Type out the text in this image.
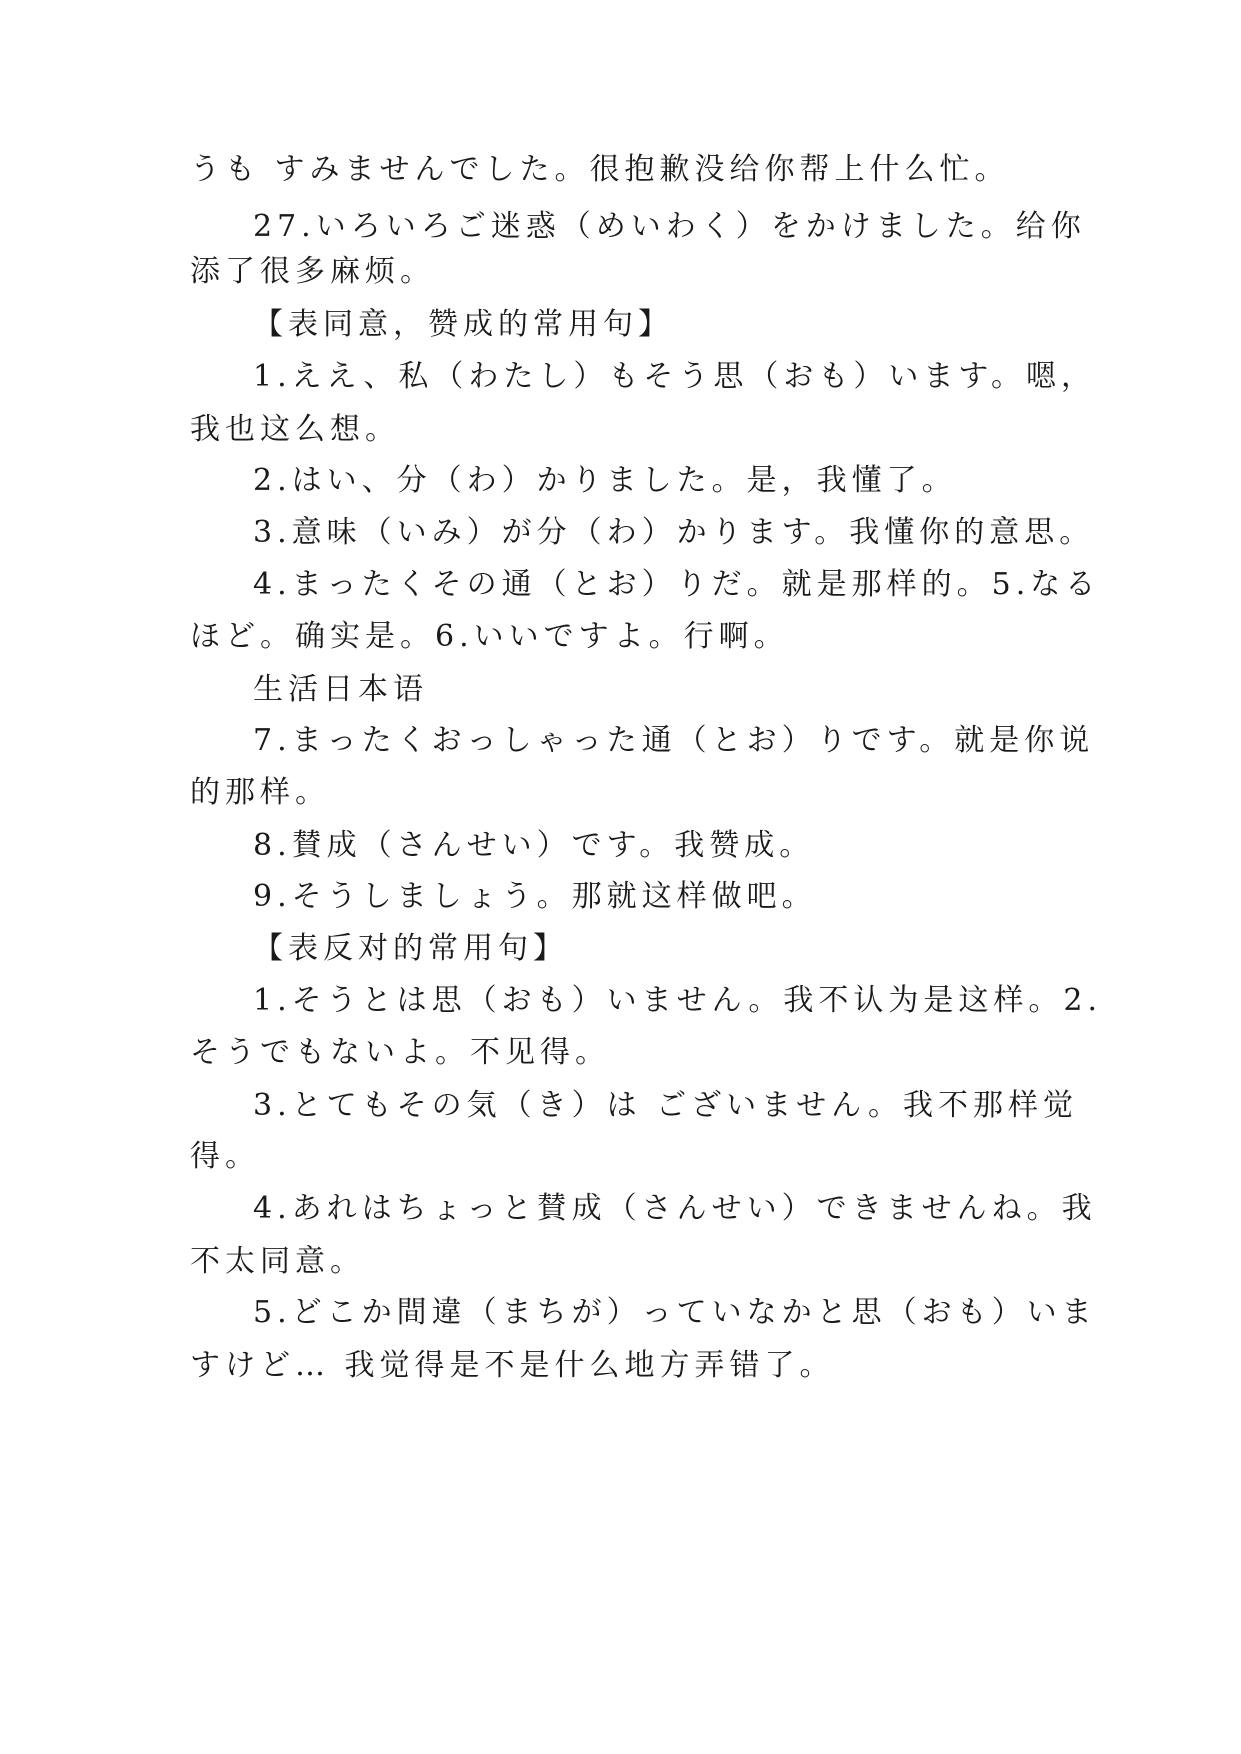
うも すみませんでした。很抱歉没给你帮上什么忙。
27.いろいろご迷惑（めいわく）をかけました。给你
添了很多麻烦。
【表同意，赞成的常用句】
1.ええ、私（わたし）もそう思（おも）います。嗯，
我也这么想。
2.はい、分（わ）かりました。是，我懂了。
3.意味（いみ）が分（わ）かります。我懂你的意思。
4.まったくその通（とお）りだ。就是那样的。5.なる
ほど。确实是。6.いいですよ。行啊。
生活日本语
7.まったくおっしゃった通（とお）りです。就是你说
的那样。
8.賛成（さんせい）です。我赞成。
9.そうしましょう。那就这样做吧。
【表反对的常用句】
1.そうとは思（おも）いません。我不认为是这样。2.
そうでもないよ。不见得。
3.とてもその気（き）は ございません。我不那样觉
得。
4.あれはちょっと賛成（さんせい）できませんね。我
不太同意。
5.どこか間違（まちが）っていなかと思（おも）いま
すけど… 我觉得是不是什么地方弄错了。
